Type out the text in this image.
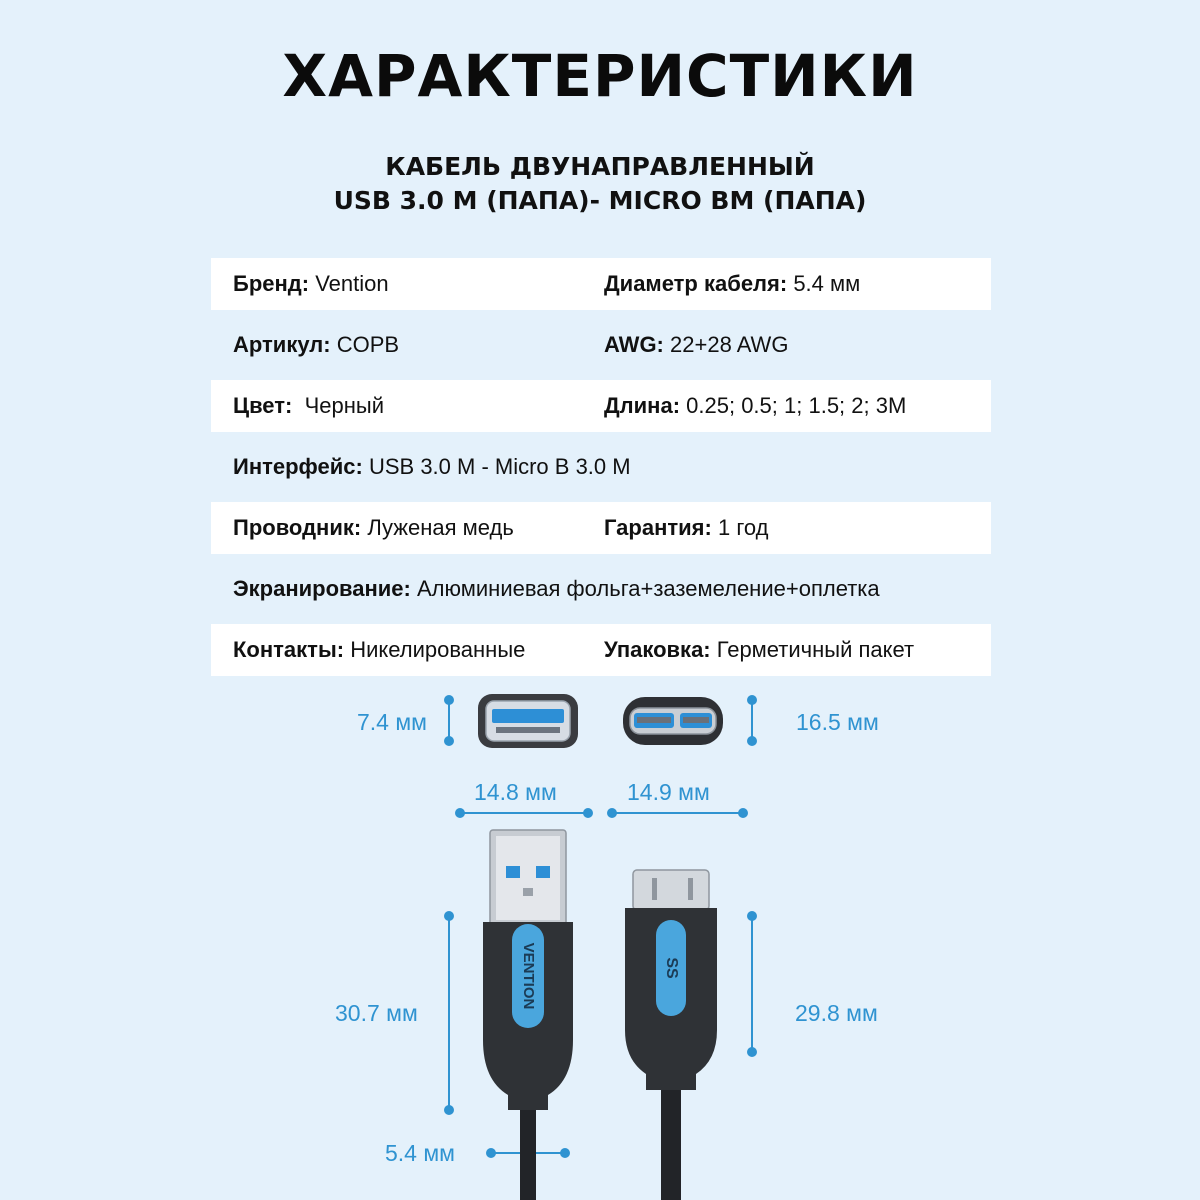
ХАРАКТЕРИСТИКИ
КАБЕЛЬ ДВУНАПРАВЛЕННЫЙ
USB 3.0 M (ПАПА)- MICRO BM (ПАПА)
Бренд: Vention	Диаметр кабеля: 5.4 мм
Артикул: COPB	AWG: 22+28 AWG
Цвет:  Черный	Длина: 0.25; 0.5; 1; 1.5; 2; 3М
Интерфейс: USB 3.0 M - Micro B 3.0 M
Проводник: Луженая медь	Гарантия: 1 год
Экранирование: Алюминиевая фольга+заземеление+оплетка
Контакты: Никелированные	Упаковка: Герметичный пакет
VENTION	SS
7.4 мм	16.5 мм
14.8 мм	14.9 мм
30.7 мм	29.8 мм
5.4 мм
